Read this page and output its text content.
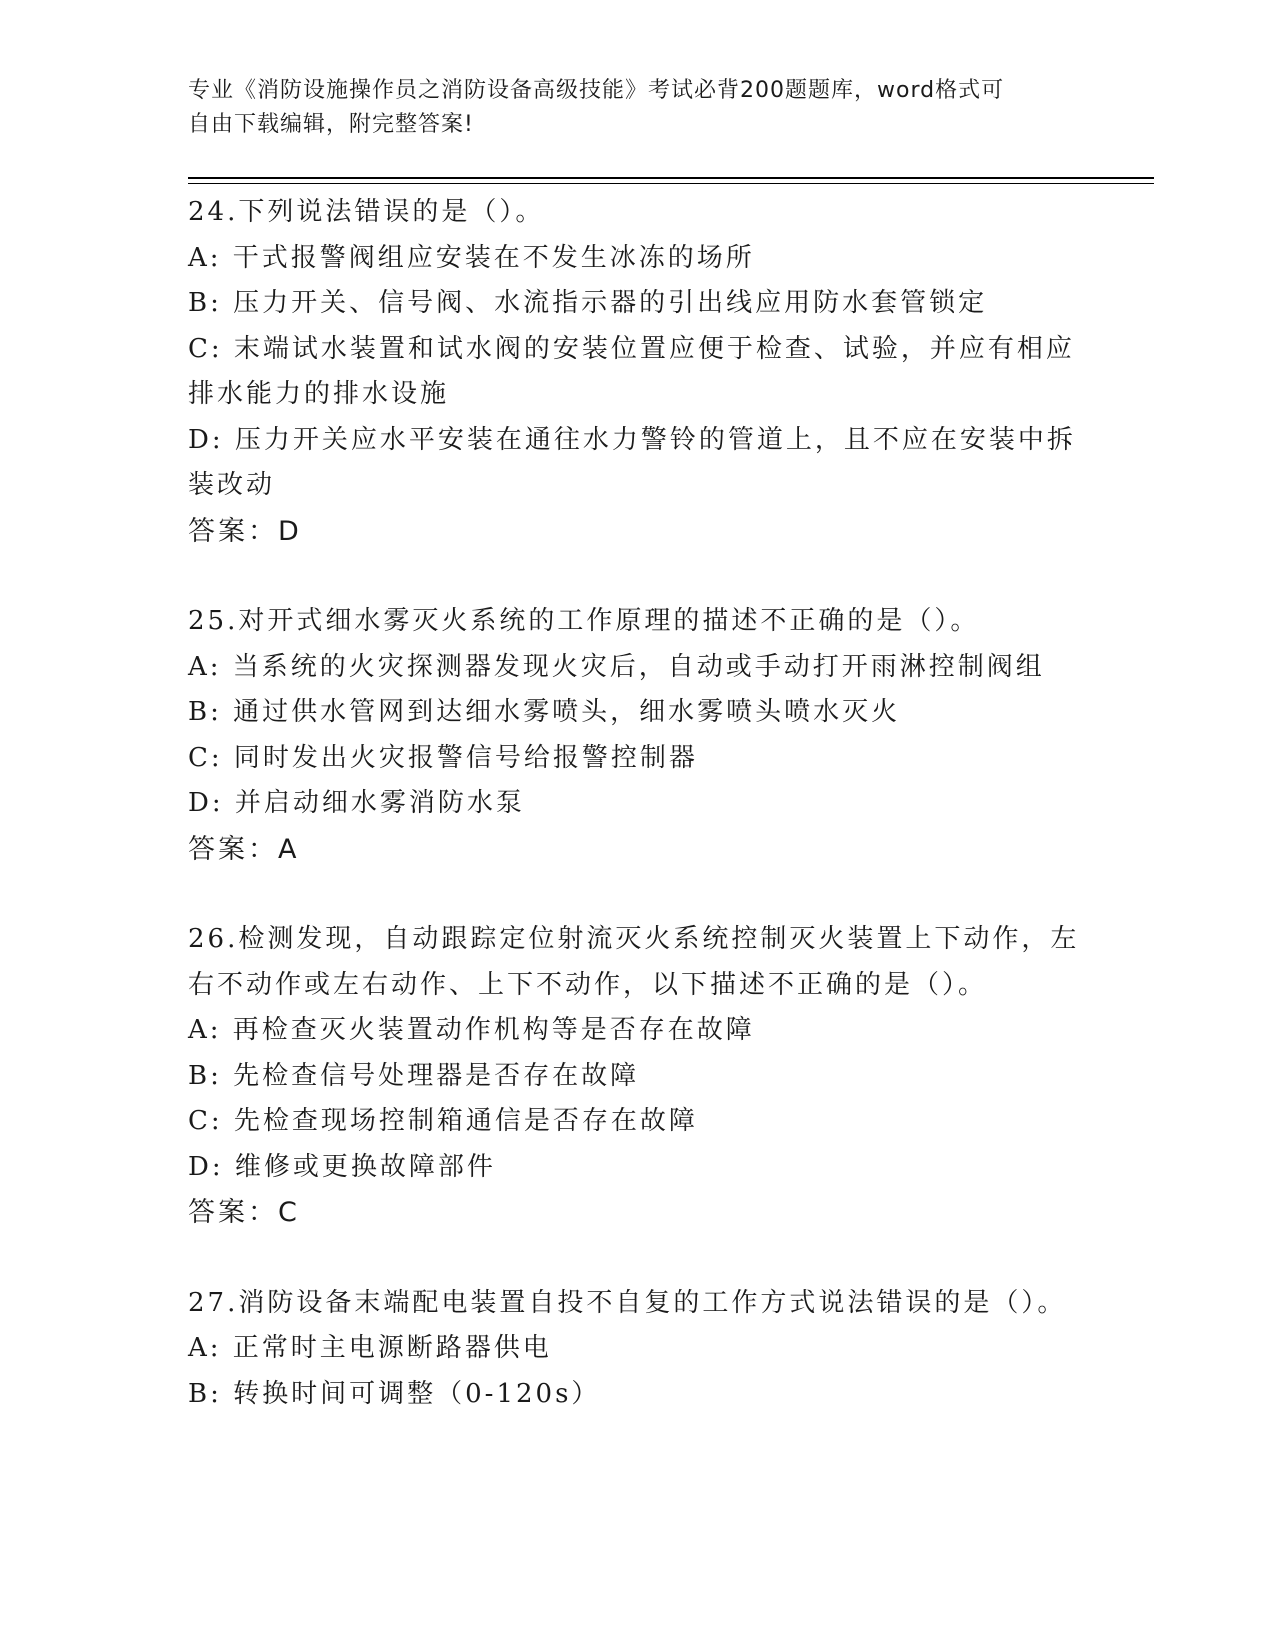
专业《消防设施操作员之消防设备高级技能》考试必背200题题库，word格式可
自由下载编辑，附完整答案!
24.下列说法错误的是（）。
A: 干式报警阀组应安装在不发生冰冻的场所
B: 压力开关、信号阀、水流指示器的引出线应用防水套管锁定
C: 末端试水装置和试水阀的安装位置应便于检查、试验，并应有相应排水能力的排水设施
D: 压力开关应水平安装在通往水力警铃的管道上，且不应在安装中拆装改动
答案：D
25.对开式细水雾灭火系统的工作原理的描述不正确的是（）。
A: 当系统的火灾探测器发现火灾后，自动或手动打开雨淋控制阀组
B: 通过供水管网到达细水雾喷头，细水雾喷头喷水灭火
C: 同时发出火灾报警信号给报警控制器
D: 并启动细水雾消防水泵
答案：A
26.检测发现，自动跟踪定位射流灭火系统控制灭火装置上下动作，左右不动作或左右动作、上下不动作，以下描述不正确的是（）。
A: 再检查灭火装置动作机构等是否存在故障
B: 先检查信号处理器是否存在故障
C: 先检查现场控制箱通信是否存在故障
D: 维修或更换故障部件
答案：C
27.消防设备末端配电装置自投不自复的工作方式说法错误的是（）。
A: 正常时主电源断路器供电
B: 转换时间可调整（0-120s）
